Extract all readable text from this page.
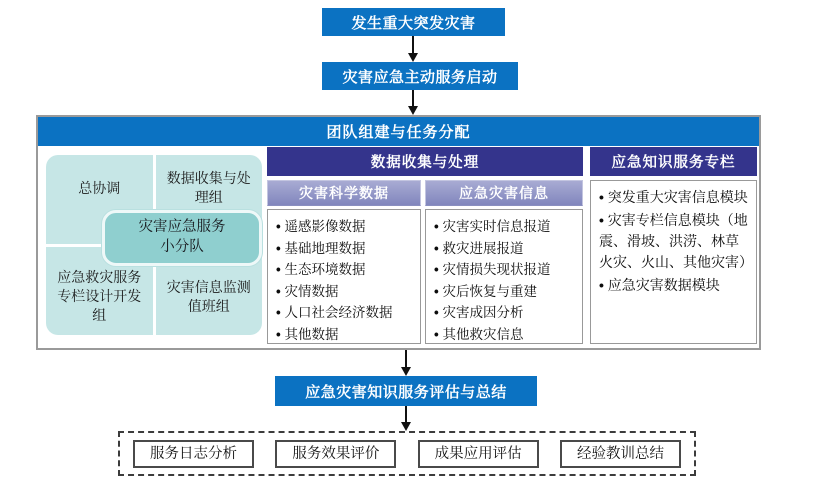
发生重大突发灾害
灾害应急主动服务启动
团队组建与任务分配
总协调
数据收集与处理组
应急救灾服务专栏设计开发组
灾害信息监测值班组
灾害应急服务
小分队
数据收集与处理
灾害科学数据	应急灾害信息
• 遥感影像数据
• 基础地理数据
• 生态环境数据
• 灾情数据
• 人口社会经济数据
• 其他数据
• 灾害实时信息报道
• 救灾进展报道
• 灾情损失现状报道
• 灾后恢复与重建
• 灾害成因分析
• 其他救灾信息
应急知识服务专栏
• 突发重大灾害信息模块
• 灾害专栏信息模块（地震、滑坡、洪涝、林草火灾、火山、其他灾害）
• 应急灾害数据模块
应急灾害知识服务评估与总结
服务日志分析	服务效果评价	成果应用评估	经验教训总结
